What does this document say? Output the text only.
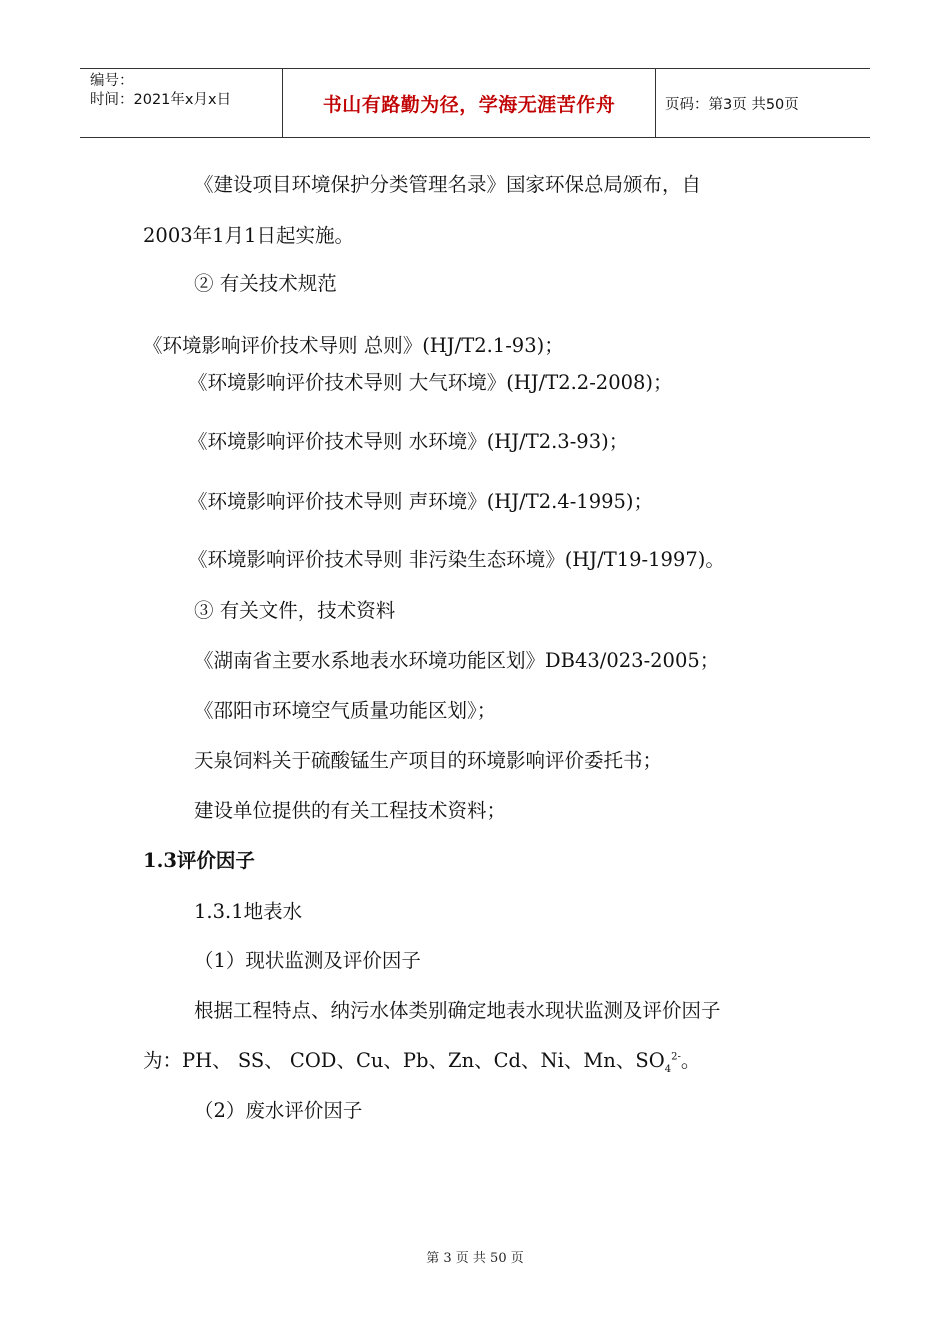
编号：
时间：2021年x月x日	书山有路勤为径，学海无涯苦作舟	页码：第3页 共50页
《建设项目环境保护分类管理名录》国家环保总局颁布，自
2003年1月1日起实施。
② 有关技术规范
《环境影响评价技术导则 总则》(HJ/T2.1-93)；
《环境影响评价技术导则 大气环境》(HJ/T2.2-2008)；
《环境影响评价技术导则 水环境》(HJ/T2.3-93)；
《环境影响评价技术导则 声环境》(HJ/T2.4-1995)；
《环境影响评价技术导则 非污染生态环境》(HJ/T19-1997)。
③ 有关文件，技术资料
《湖南省主要水系地表水环境功能区划》DB43/023-2005；
《邵阳市环境空气质量功能区划》；
天泉饲料关于硫酸锰生产项目的环境影响评价委托书；
建设单位提供的有关工程技术资料；
1.3评价因子
1.3.1地表水
（1）现状监测及评价因子
根据工程特点、纳污水体类别确定地表水现状监测及评价因子
为：PH、 SS、 COD、Cu、Pb、Zn、Cd、Ni、Mn、$SO_4^{2-}$。
（2）废水评价因子
第 3 页 共 50 页
